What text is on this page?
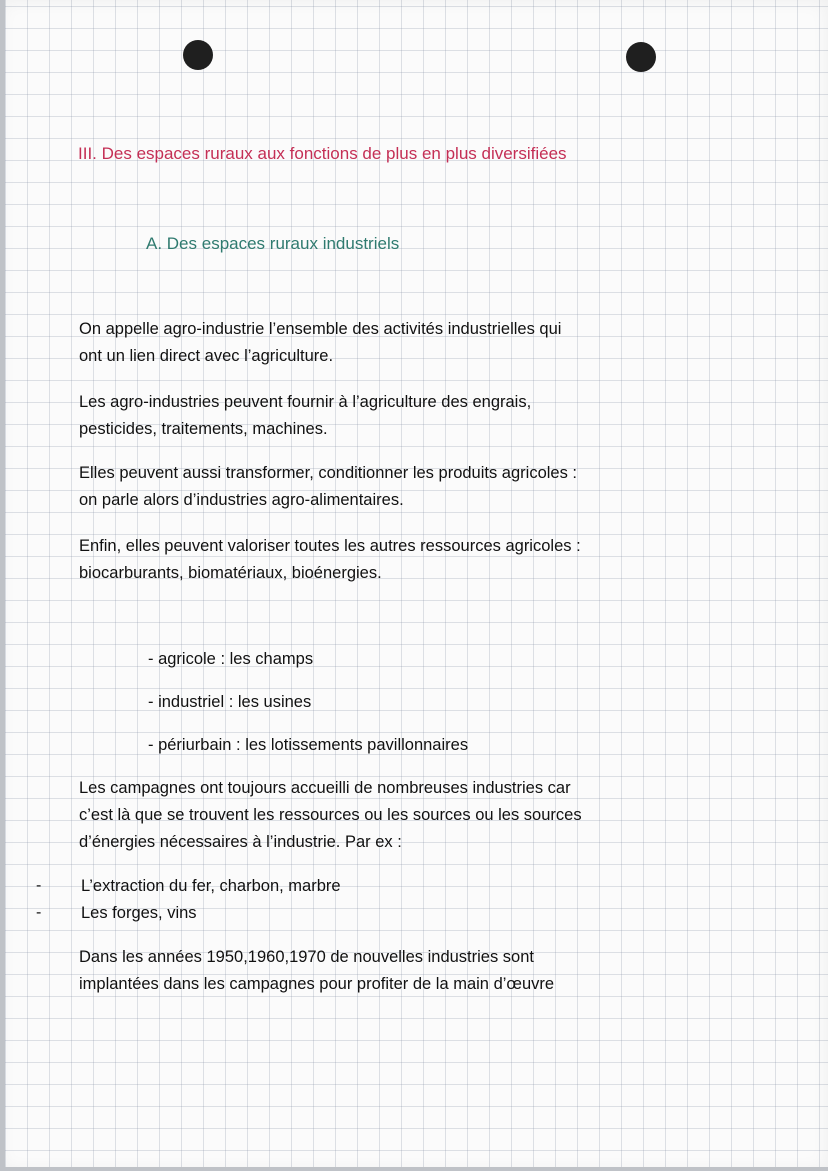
III. Des espaces ruraux aux fonctions de plus en plus diversifiées
A. Des espaces ruraux industriels
On appelle agro-industrie l’ensemble des activités industrielles qui
ont un lien direct avec l’agriculture.
Les agro-industries peuvent fournir à l’agriculture des engrais,
pesticides, traitements, machines.
Elles peuvent aussi transformer, conditionner les produits agricoles :
on parle alors d’industries agro-alimentaires.
Enfin, elles peuvent valoriser toutes les autres ressources agricoles :
biocarburants, biomatériaux, bioénergies.
- agricole : les champs
- industriel : les usines
- périurbain : les lotissements pavillonnaires
Les campagnes ont toujours accueilli de nombreuses industries car
c’est là que se trouvent les ressources ou les sources ou les sources
d’énergies nécessaires à l’industrie. Par ex :
- L’extraction du fer, charbon, marbre
- Les forges, vins
Dans les années 1950,1960,1970 de nouvelles industries sont
implantées dans les campagnes pour profiter de la main d’œuvre
